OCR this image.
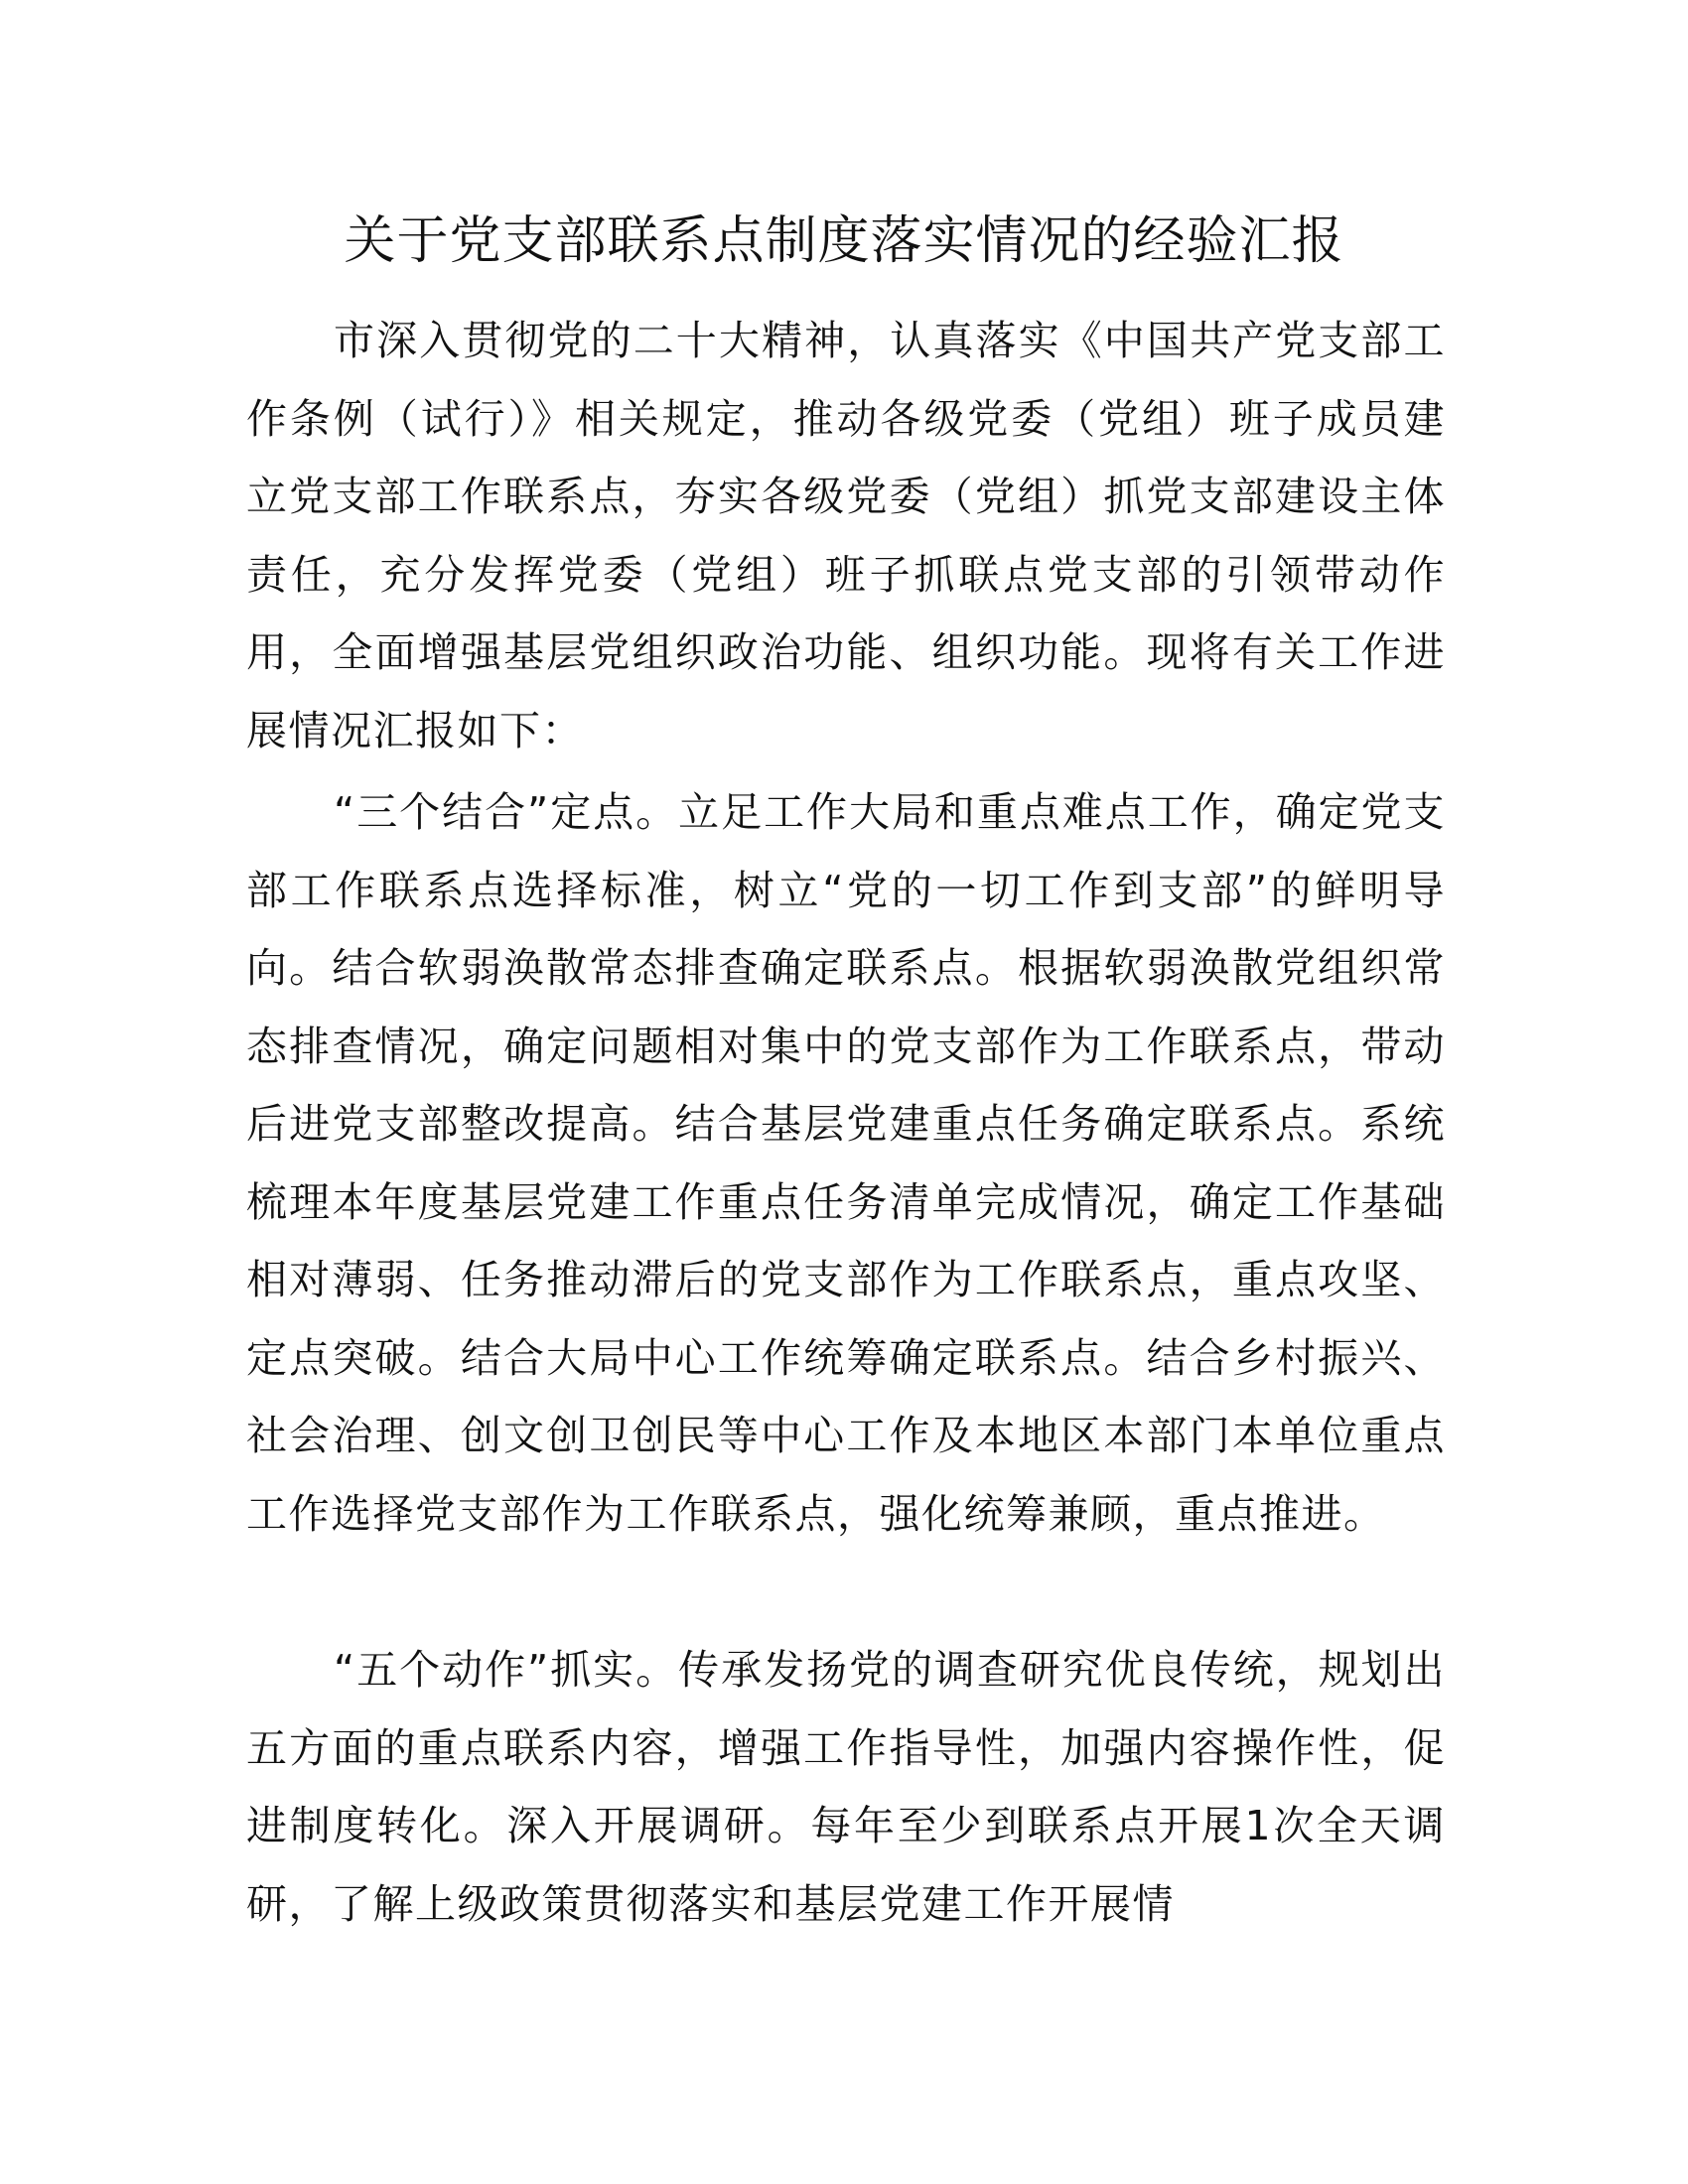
关于党支部联系点制度落实情况的经验汇报

市深入贯彻党的二十大精神，认真落实《中国共产党支部工作条例（试行）》相关规定，推动各级党委（党组）班子成员建立党支部工作联系点，夯实各级党委（党组）抓党支部建设主体责任，充分发挥党委（党组）班子抓联点党支部的引领带动作用，全面增强基层党组织政治功能、组织功能。现将有关工作进展情况汇报如下：

“三个结合”定点。立足工作大局和重点难点工作，确定党支部工作联系点选择标准，树立“党的一切工作到支部”的鲜明导向。结合软弱涣散常态排查确定联系点。根据软弱涣散党组织常态排查情况，确定问题相对集中的党支部作为工作联系点，带动后进党支部整改提高。结合基层党建重点任务确定联系点。系统梳理本年度基层党建工作重点任务清单完成情况，确定工作基础相对薄弱、任务推动滞后的党支部作为工作联系点，重点攻坚、定点突破。结合大局中心工作统筹确定联系点。结合乡村振兴、社会治理、创文创卫创民等中心工作及本地区本部门本单位重点工作选择党支部作为工作联系点，强化统筹兼顾，重点推进。

“五个动作”抓实。传承发扬党的调查研究优良传统，规划出五方面的重点联系内容，增强工作指导性，加强内容操作性，促进制度转化。深入开展调研。每年至少到联系点开展1次全天调研，了解上级政策贯彻落实和基层党建工作开展情
